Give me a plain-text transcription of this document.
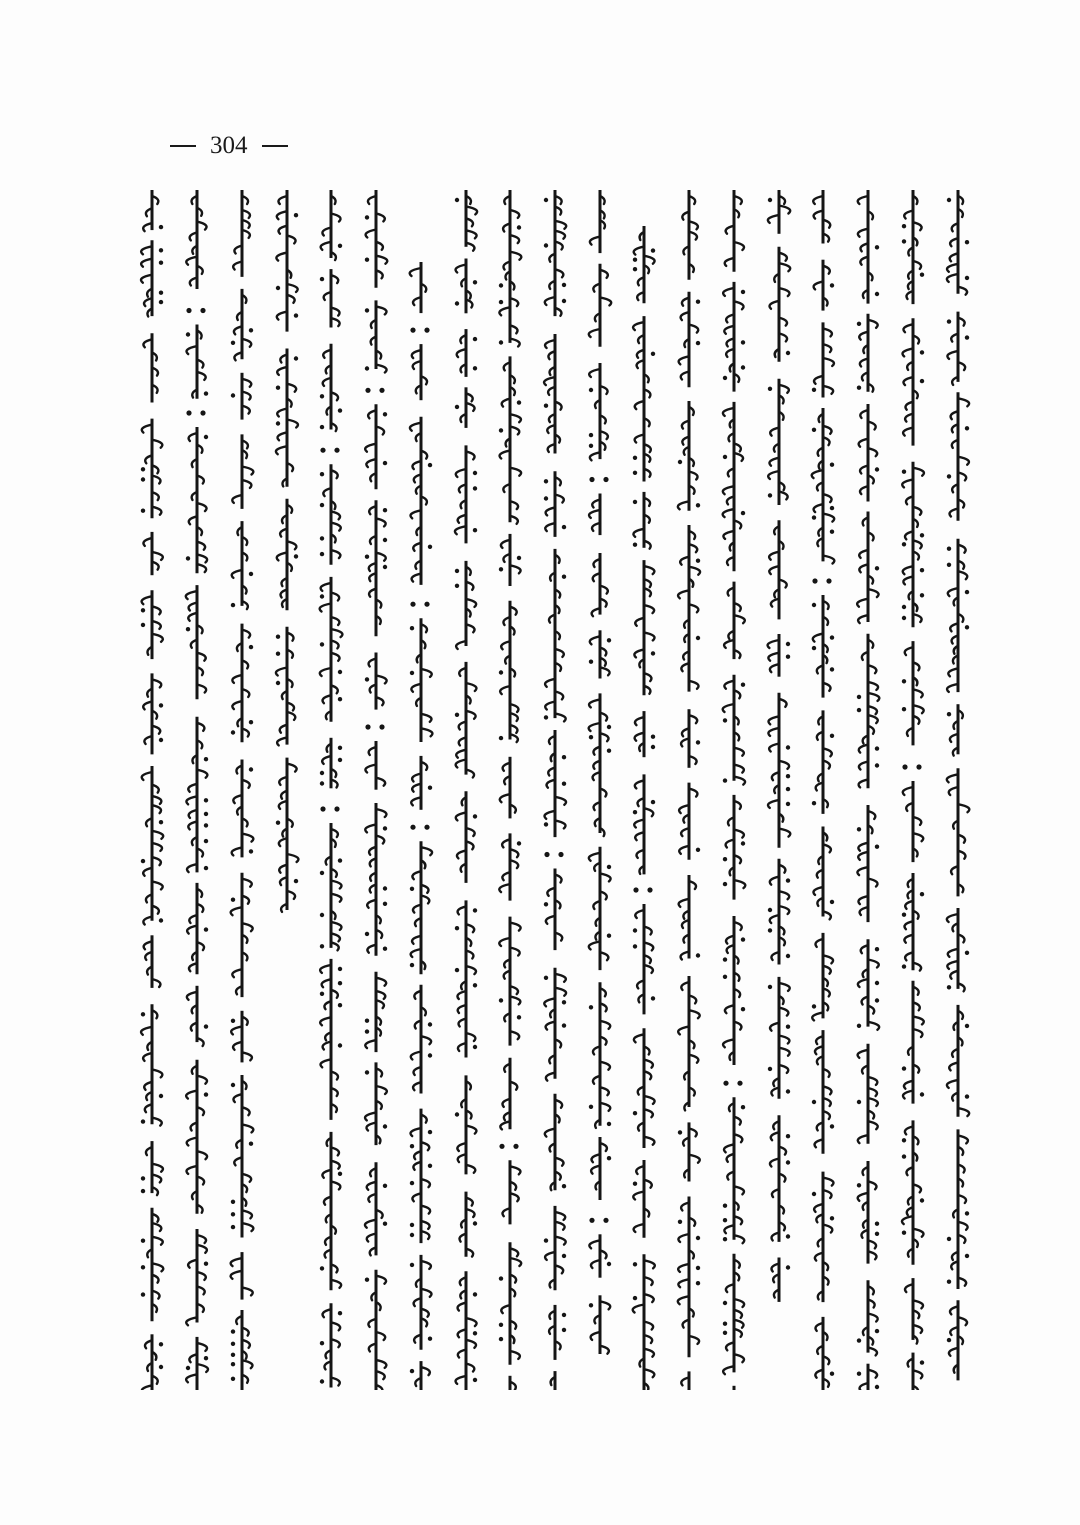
304
